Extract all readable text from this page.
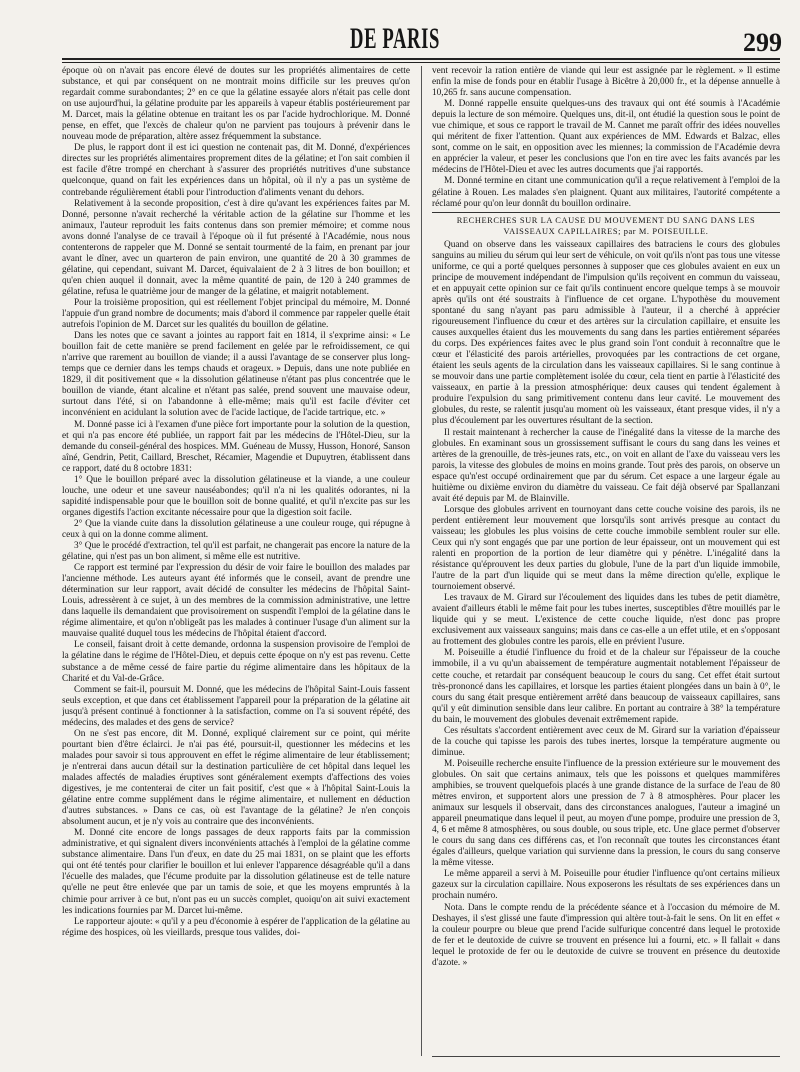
DE PARIS	299

époque où on n'avait pas encore élevé de doutes sur les propriétés alimentaires de cette substance, et qui par conséquent on ne montrait moins difficile sur les preuves qu'on regardait comme surabondantes; 2° en ce que la gélatine essayée alors n'était pas celle dont on use aujourd'hui, la gélatine produite par les appareils à vapeur établis postérieurement par M. Darcet, mais la gélatine obtenue en traitant les os par l'acide hydrochlorique. M. Donné pense, en effet, que l'excès de chaleur qu'on ne parvient pas toujours à prévenir dans le nouveau mode de préparation, altère assez fréquemment la substance.

De plus, le rapport dont il est ici question ne contenait pas, dit M. Donné, d'expériences directes sur les propriétés alimentaires proprement dites de la gélatine; et l'on sait combien il est facile d'être trompé en cherchant à s'assurer des propriétés nutritives d'une substance quelconque, quand on fait les expériences dans un hôpital, où il n'y a pas un système de contrebande régulièrement établi pour l'introduction d'aliments venant du dehors.

Relativement à la seconde proposition, c'est à dire qu'avant les expériences faites par M. Donné, personne n'avait recherché la véritable action de la gélatine sur l'homme et les animaux, l'auteur reproduit les faits contenus dans son premier mémoire; et comme nous avons donné l'analyse de ce travail à l'époque où il fut présenté à l'Académie, nous nous contenterons de rappeler que M. Donné se sentait tourmenté de la faim, en prenant par jour avant le dîner, avec un quarteron de pain environ, une quantité de 20 à 30 grammes de gélatine, qui cependant, suivant M. Darcet, équivalaient de 2 à 3 litres de bon bouillon; et qu'en chien auquel il donnait, avec la même quantité de pain, de 120 à 240 grammes de gélatine, refusa le quatrième jour de manger de la gélatine, et maigrit notablement.

Pour la troisième proposition, qui est réellement l'objet principal du mémoire, M. Donné l'appuie d'un grand nombre de documents; mais d'abord il commence par rappeler quelle était autrefois l'opinion de M. Darcet sur les qualités du bouillon de gélatine.

Dans les notes que ce savant a jointes au rapport fait en 1814, il s'exprime ainsi: « Le bouillon fait de cette manière se prend facilement en gelée par le refroidissement, ce qui n'arrive que rarement au bouillon de viande; il a aussi l'avantage de se conserver plus long-temps que ce dernier dans les temps chauds et orageux. » Depuis, dans une note publiée en 1829, il dit positivement que « la dissolution gélatineuse n'étant pas plus concentrée que le bouillon de viande, étant alcaline et n'étant pas salée, prend souvent une mauvaise odeur, surtout dans l'été, si on l'abandonne à elle-même; mais qu'il est facile d'éviter cet inconvénient en acidulant la solution avec de l'acide lactique, de l'acide tartrique, etc. »

M. Donné passe ici à l'examen d'une pièce fort importante pour la solution de la question, et qui n'a pas encore été publiée, un rapport fait par les médecins de l'Hôtel-Dieu, sur la demande du conseil-général des hospices. MM. Guéneau de Mussy, Husson, Honoré, Sanson aîné, Gendrin, Petit, Caillard, Breschet, Récamier, Magendie et Dupuytren, établissent dans ce rapport, daté du 8 octobre 1831:

1° Que le bouillon préparé avec la dissolution gélatineuse et la viande, a une couleur louche, une odeur et une saveur nauséabondes; qu'il n'a ni les qualités odorantes, ni la sapidité indispensable pour que le bouillon soit de bonne qualité, et qu'il n'excite pas sur les organes digestifs l'action excitante nécessaire pour que la digestion soit facile.

2° Que la viande cuite dans la dissolution gélatineuse a une couleur rouge, qui répugne à ceux à qui on la donne comme aliment.

3° Que le procédé d'extraction, tel qu'il est parfait, ne changerait pas encore la nature de la gélatine, qui n'est pas un bon aliment, si même elle est nutritive.

Ce rapport est terminé par l'expression du désir de voir faire le bouillon des malades par l'ancienne méthode. Les auteurs ayant été informés que le conseil, avant de prendre une détermination sur leur rapport, avait décidé de consulter les médecins de l'hôpital Saint-Louis, adressèrent à ce sujet, à un des membres de la commission administrative, une lettre dans laquelle ils demandaient que provisoirement on suspendît l'emploi de la gélatine dans le régime alimentaire, et qu'on n'obligeât pas les malades à continuer l'usage d'un aliment sur la mauvaise qualité duquel tous les médecins de l'hôpital étaient d'accord.

Le conseil, faisant droit à cette demande, ordonna la suspension provisoire de l'emploi de la gélatine dans le régime de l'Hôtel-Dieu, et depuis cette époque on n'y est pas revenu. Cette substance a de même cessé de faire partie du régime alimentaire dans les hôpitaux de la Charité et du Val-de-Grâce.

Comment se fait-il, poursuit M. Donné, que les médecins de l'hôpital Saint-Louis fassent seuls exception, et que dans cet établissement l'appareil pour la préparation de la gélatine ait jusqu'à présent continué à fonctionner à la satisfaction, comme on l'a si souvent répété, des médecins, des malades et des gens de service?

On ne s'est pas encore, dit M. Donné, expliqué clairement sur ce point, qui mérite pourtant bien d'être éclairci. Je n'ai pas été, poursuit-il, questionner les médecins et les malades pour savoir si tous approuvent en effet le régime alimentaire de leur établissement; je n'entrerai dans aucun détail sur la destination particulière de cet hôpital dans lequel les malades affectés de maladies éruptives sont généralement exempts d'affections des voies digestives, je me contenterai de citer un fait positif, c'est que « à l'hôpital Saint-Louis la gélatine entre comme supplément dans le régime alimentaire, et nullement en déduction d'autres substances. » Dans ce cas, où est l'avantage de la gélatine? Je n'en conçois absolument aucun, et je n'y vois au contraire que des inconvénients.

M. Donné cite encore de longs passages de deux rapports faits par la commission administrative, et qui signalent divers inconvénients attachés à l'emploi de la gélatine comme substance alimentaire. Dans l'un d'eux, en date du 25 mai 1831, on se plaint que les efforts qui ont été tentés pour clarifier le bouillon et lui enlever l'apparence désagréable qu'il a dans l'écuelle des malades, que l'écume produite par la dissolution gélatineuse est de telle nature qu'elle ne peut être enlevée que par un tamis de soie, et que les moyens empruntés à la chimie pour arriver à ce but, n'ont pas eu un succès complet, quoiqu'on ait suivi exactement les indications fournies par M. Darcet lui-même.

Le rapporteur ajoute: « qu'il y a peu d'économie à espérer de l'application de la gélatine au régime des hospices, où les vieillards, presque tous valides, doi-

vent recevoir la ration entière de viande qui leur est assignée par le règlement. » Il estime enfin la mise de fonds pour en établir l'usage à Bicêtre à 20,000 fr., et la dépense annuelle à 10,265 fr. sans aucune compensation.

M. Donné rappelle ensuite quelques-uns des travaux qui ont été soumis à l'Académie depuis la lecture de son mémoire. Quelques uns, dit-il, ont étudié la question sous le point de vue chimique, et sous ce rapport le travail de M. Cannet me paraît offrir des idées nouvelles qui méritent de fixer l'attention. Quant aux expériences de MM. Edwards et Balzac, elles sont, comme on le sait, en opposition avec les miennes; la commission de l'Académie devra en apprécier la valeur, et peser les conclusions que l'on en tire avec les faits avancés par les médecins de l'Hôtel-Dieu et avec les autres documents que j'ai rapportés.

M. Donné termine en citant une communication qu'il a reçue relativement à l'emploi de la gélatine à Rouen. Les malades s'en plaignent. Quant aux militaires, l'autorité compétente a réclamé pour qu'on leur donnât du bouillon ordinaire.

RECHERCHES SUR LA CAUSE DU MOUVEMENT DU SANG DANS LES VAISSEAUX CAPILLAIRES; par M. POISEUILLE.

Quand on observe dans les vaisseaux capillaires des batraciens le cours des globules sanguins au milieu du sérum qui leur sert de véhicule, on voit qu'ils n'ont pas tous une vitesse uniforme, ce qui a porté quelques personnes à supposer que ces globules avaient en eux un principe de mouvement indépendant de l'impulsion qu'ils reçoivent en commun du vaisseau, et en appuyait cette opinion sur ce fait qu'ils continuent encore quelque temps à se mouvoir après qu'ils ont été soustraits à l'influence de cet organe. L'hypothèse du mouvement spontané du sang n'ayant pas paru admissible à l'auteur, il a cherché à apprécier rigoureusement l'influence du cœur et des artères sur la circulation capillaire, et ensuite les causes auxquelles étaient dus les mouvements du sang dans les parties entièrement séparées du corps. Des expériences faites avec le plus grand soin l'ont conduit à reconnaître que le cœur et l'élasticité des parois artérielles, provoquées par les contractions de cet organe, étaient les seuls agents de la circulation dans les vaisseaux capillaires. Si le sang continue à se mouvoir dans une partie complètement isolée du cœur, cela tient en partie à l'élasticité des vaisseaux, en partie à la pression atmosphérique: deux causes qui tendent également à produire l'expulsion du sang primitivement contenu dans leur cavité. Le mouvement des globules, du reste, se ralentit jusqu'au moment où les vaisseaux, étant presque vides, il n'y a plus d'écoulement par les ouvertures résultant de la section.

Il restait maintenant à rechercher la cause de l'inégalité dans la vitesse de la marche des globules. En examinant sous un grossissement suffisant le cours du sang dans les veines et artères de la grenouille, de très-jeunes rats, etc., on voit en allant de l'axe du vaisseau vers les parois, la vitesse des globules de moins en moins grande. Tout près des parois, on observe un espace qu'n'est occupé ordinairement que par du sérum. Cet espace a une largeur égale au huitième ou dixième environ du diamètre du vaisseau. Ce fait déjà observé par Spallanzani avait été depuis par M. de Blainville.

Lorsque des globules arrivent en tournoyant dans cette couche voisine des parois, ils ne perdent entièrement leur mouvement que lorsqu'ils sont arrivés presque au contact du vaisseau; les globules les plus voisins de cette couche immobile semblent rouler sur elle. Ceux qui n'y sont engagés que par une portion de leur épaisseur, ont un mouvement qui est ralenti en proportion de la portion de leur diamètre qui y pénètre. L'inégalité dans la résistance qu'éprouvent les deux parties du globule, l'une de la part d'un liquide immobile, l'autre de la part d'un liquide qui se meut dans la même direction qu'elle, explique le tournoiement observé.

Les travaux de M. Girard sur l'écoulement des liquides dans les tubes de petit diamètre, avaient d'ailleurs établi le même fait pour les tubes inertes, susceptibles d'être mouillés par le liquide qui y se meut. L'existence de cette couche liquide, n'est donc pas propre exclusivement aux vaisseaux sanguins; mais dans ce cas-elle a un effet utile, et en s'opposant au frottement des globules contre les parois, elle en prévient l'usure.

M. Poiseuille a étudié l'influence du froid et de la chaleur sur l'épaisseur de la couche immobile, il a vu qu'un abaissement de température augmentait notablement l'épaisseur de cette couche, et retardait par conséquent beaucoup le cours du sang. Cet effet était surtout très-prononcé dans les capillaires, et lorsque les parties étaient plongées dans un bain à 0°, le cours du sang était presque entièrement arrêté dans beaucoup de vaisseaux capillaires, sans qu'il y eût diminution sensible dans leur calibre. En portant au contraire à 38° la température du bain, le mouvement des globules devenait extrêmement rapide.

Ces résultats s'accordent entièrement avec ceux de M. Girard sur la variation d'épaisseur de la couche qui tapisse les parois des tubes inertes, lorsque la température augmente ou diminue.

M. Poiseuille recherche ensuite l'influence de la pression extérieure sur le mouvement des globules. On sait que certains animaux, tels que les poissons et quelques mammifères amphibies, se trouvent quelquefois placés à une grande distance de la surface de l'eau de 80 mètres environ, et supportent alors une pression de 7 à 8 atmosphères. Pour placer les animaux sur lesquels il observait, dans des circonstances analogues, l'auteur a imaginé un appareil pneumatique dans lequel il peut, au moyen d'une pompe, produire une pression de 3, 4, 6 et même 8 atmosphères, ou sous double, ou sous triple, etc. Une glace permet d'observer le cours du sang dans ces différens cas, et l'on reconnaît que toutes les circonstances étant égales d'ailleurs, quelque variation qui survienne dans la pression, le cours du sang conserve la même vitesse.

Le même appareil a servi à M. Poiseuille pour étudier l'influence qu'ont certains milieux gazeux sur la circulation capillaire. Nous exposerons les résultats de ses expériences dans un prochain numéro.

Nota. Dans le compte rendu de la précédente séance et à l'occasion du mémoire de M. Deshayes, il s'est glissé une faute d'impression qui altère tout-à-fait le sens. On lit en effet « la couleur pourpre ou bleue que prend l'acide sulfurique concentré dans lequel le protoxide de fer et le deutoxide de cuivre se trouvent en présence lui a fourni, etc. » Il fallait « dans lequel le protoxide de fer ou le deutoxide de cuivre se trouvent en présence du deutoxide d'azote. »
